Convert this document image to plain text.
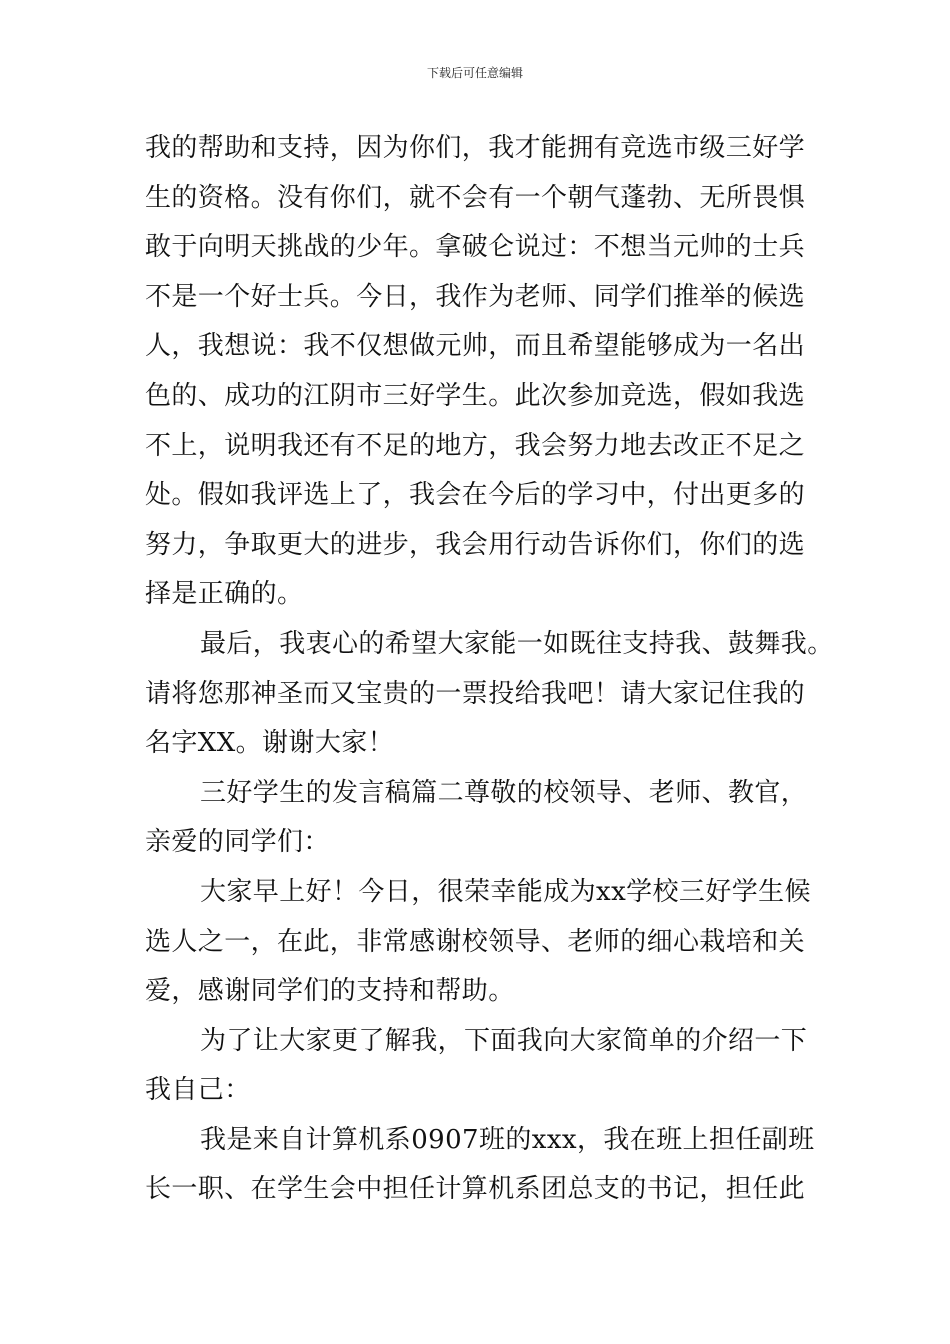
下载后可任意编辑
我的帮助和支持，因为你们，我才能拥有竞选市级三好学
生的资格。没有你们，就不会有一个朝气蓬勃、无所畏惧
敢于向明天挑战的少年。拿破仑说过：不想当元帅的士兵
不是一个好士兵。今日，我作为老师、同学们推举的候选
人，我想说：我不仅想做元帅，而且希望能够成为一名出
色的、成功的江阴市三好学生。此次参加竞选，假如我选
不上，说明我还有不足的地方，我会努力地去改正不足之
处。假如我评选上了，我会在今后的学习中，付出更多的
努力，争取更大的进步，我会用行动告诉你们，你们的选
择是正确的。
最后，我衷心的希望大家能一如既往支持我、鼓舞我。
请将您那神圣而又宝贵的一票投给我吧！请大家记住我的
名字XX。谢谢大家！
三好学生的发言稿篇二尊敬的校领导、老师、教官，
亲爱的同学们：
大家早上好！今日，很荣幸能成为xx学校三好学生候
选人之一，在此，非常感谢校领导、老师的细心栽培和关
爱，感谢同学们的支持和帮助。
为了让大家更了解我，下面我向大家简单的介绍一下
我自己：
我是来自计算机系0907班的xxx，我在班上担任副班
长一职、在学生会中担任计算机系团总支的书记，担任此
